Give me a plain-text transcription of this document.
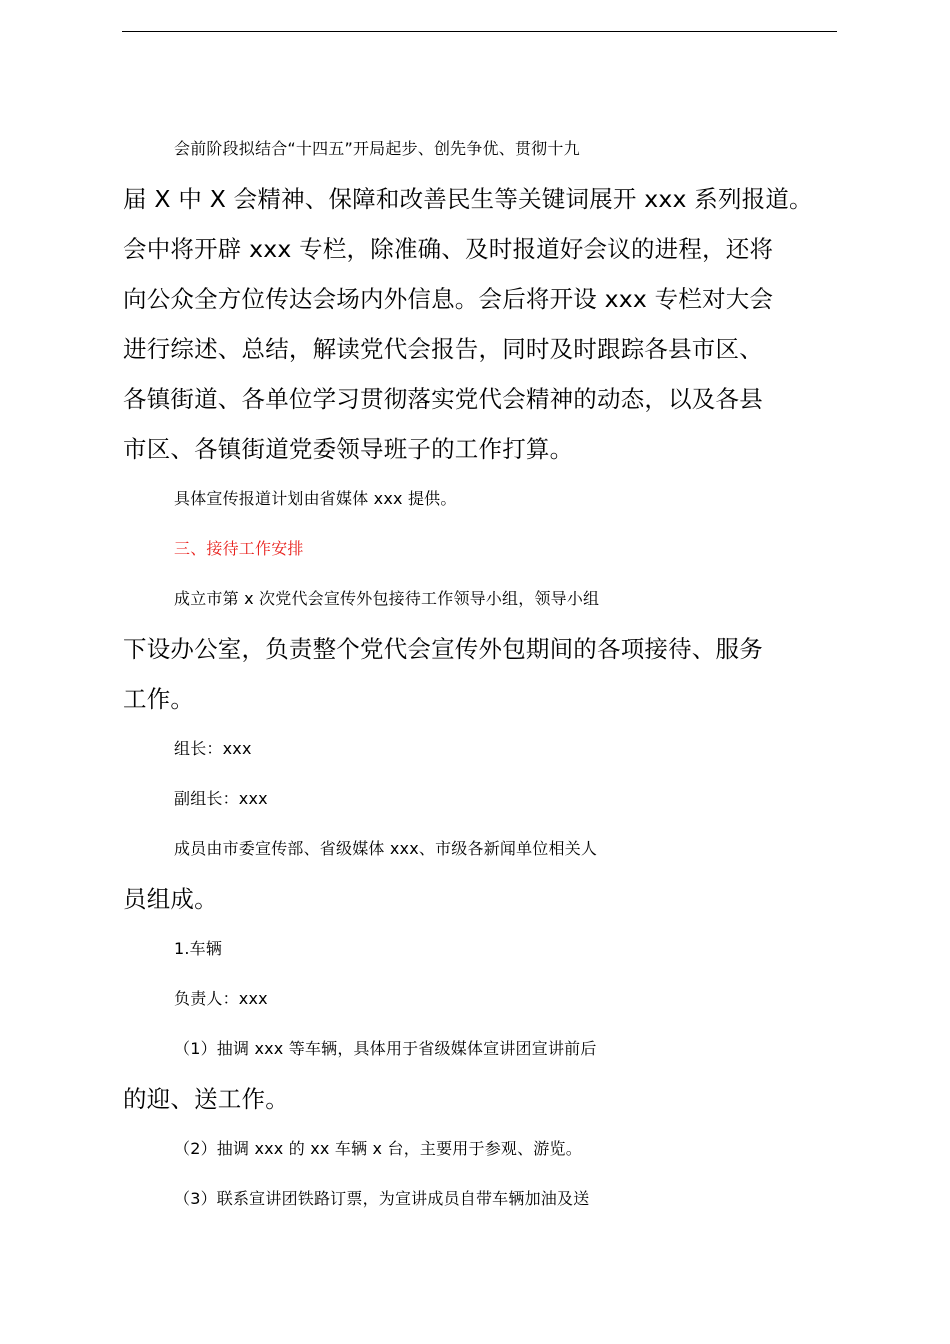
会前阶段拟结合“十四五”开局起步、创先争优、贯彻十九
届 X 中 X 会精神、保障和改善民生等关键词展开 xxx 系列报道。
会中将开辟 xxx 专栏，除准确、及时报道好会议的进程，还将
向公众全方位传达会场内外信息。会后将开设 xxx 专栏对大会
进行综述、总结，解读党代会报告，同时及时跟踪各县市区、
各镇街道、各单位学习贯彻落实党代会精神的动态，以及各县
市区、各镇街道党委领导班子的工作打算。
具体宣传报道计划由省媒体 xxx 提供。
三、接待工作安排
成立市第 x 次党代会宣传外包接待工作领导小组，领导小组
下设办公室，负责整个党代会宣传外包期间的各项接待、服务
工作。
组长：xxx
副组长：xxx
成员由市委宣传部、省级媒体 xxx、市级各新闻单位相关人
员组成。
1.车辆
负责人：xxx
（1）抽调 xxx 等车辆，具体用于省级媒体宣讲团宣讲前后
的迎、送工作。
（2）抽调 xxx 的 xx 车辆 x 台，主要用于参观、游览。
（3）联系宣讲团铁路订票，为宣讲成员自带车辆加油及送
